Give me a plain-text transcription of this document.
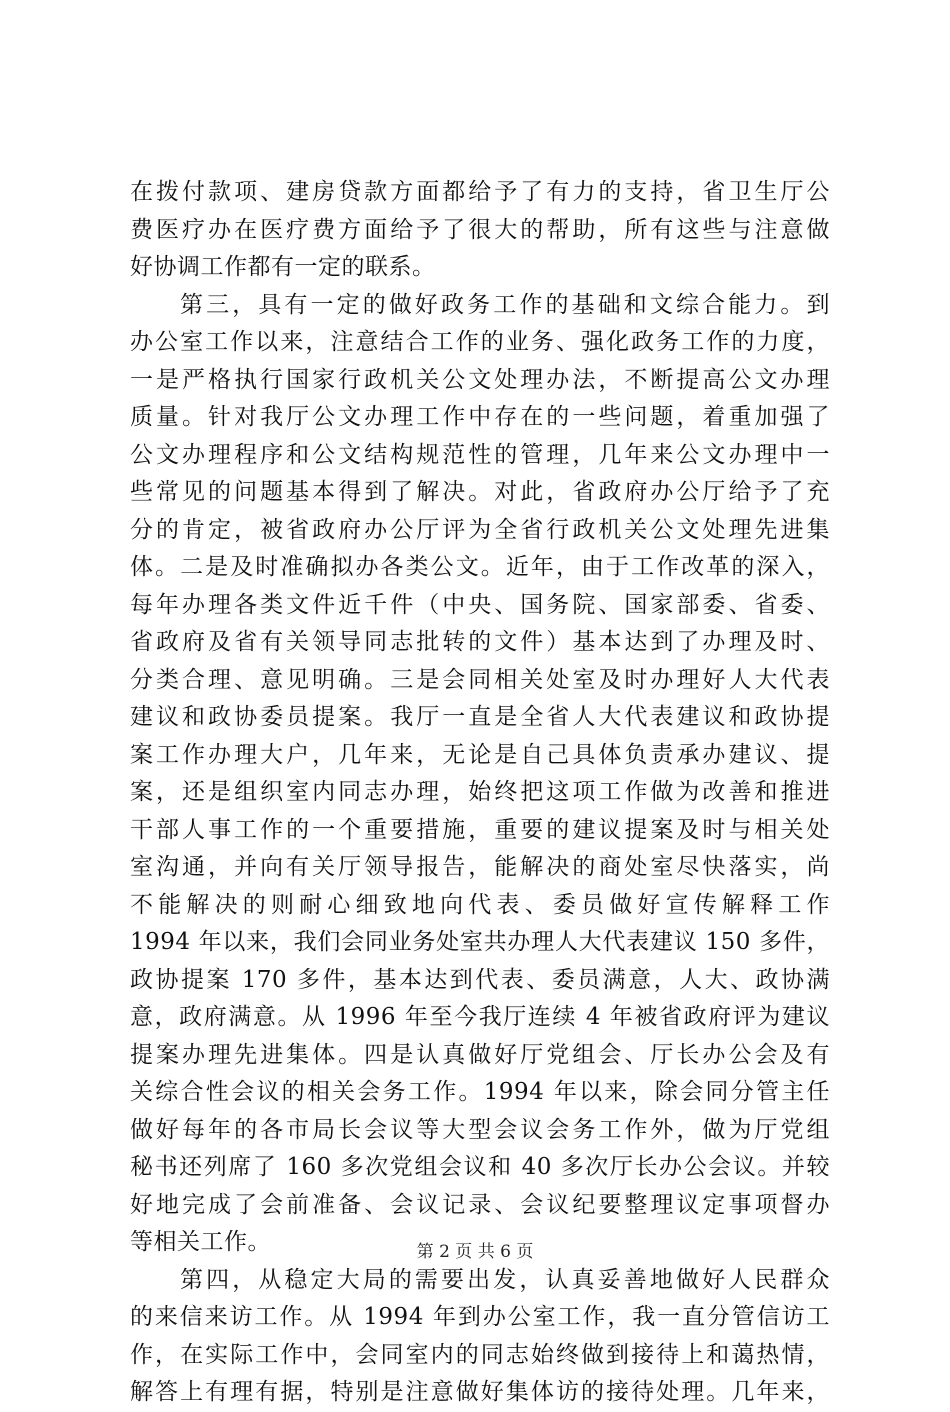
在拨付款项、建房贷款方面都给予了有力的支持，省卫生厅公
费医疗办在医疗费方面给予了很大的帮助，所有这些与注意做
好协调工作都有一定的联系。
第三，具有一定的做好政务工作的基础和文综合能力。到
办公室工作以来，注意结合工作的业务、强化政务工作的力度，
一是严格执行国家行政机关公文处理办法，不断提高公文办理
质量。针对我厅公文办理工作中存在的一些问题，着重加强了
公文办理程序和公文结构规范性的管理，几年来公文办理中一
些常见的问题基本得到了解决。对此，省政府办公厅给予了充
分的肯定，被省政府办公厅评为全省行政机关公文处理先进集
体。二是及时准确拟办各类公文。近年，由于工作改革的深入，
每年办理各类文件近千件（中央、国务院、国家部委、省委、
省政府及省有关领导同志批转的文件）基本达到了办理及时、
分类合理、意见明确。三是会同相关处室及时办理好人大代表
建议和政协委员提案。我厅一直是全省人大代表建议和政协提
案工作办理大户，几年来，无论是自己具体负责承办建议、提
案，还是组织室内同志办理，始终把这项工作做为改善和推进
干部人事工作的一个重要措施，重要的建议提案及时与相关处
室沟通，并向有关厅领导报告，能解决的商处室尽快落实，尚
不能解决的则耐心细致地向代表、委员做好宣传解释工作
1994 年以来，我们会同业务处室共办理人大代表建议 150 多件，
政协提案 170 多件，基本达到代表、委员满意，人大、政协满
意，政府满意。从 1996 年至今我厅连续 4 年被省政府评为建议
提案办理先进集体。四是认真做好厅党组会、厅长办公会及有
关综合性会议的相关会务工作。1994 年以来，除会同分管主任
做好每年的各市局长会议等大型会议会务工作外，做为厅党组
秘书还列席了 160 多次党组会议和 40 多次厅长办公会议。并较
好地完成了会前准备、会议记录、会议纪要整理议定事项督办
等相关工作。
第四，从稳定大局的需要出发，认真妥善地做好人民群众
的来信来访工作。从 1994 年到办公室工作，我一直分管信访工
作，在实际工作中，会同室内的同志始终做到接待上和蔼热情，
解答上有理有据，特别是注意做好集体访的接待处理。几年来，
第 2 页 共 6 页
